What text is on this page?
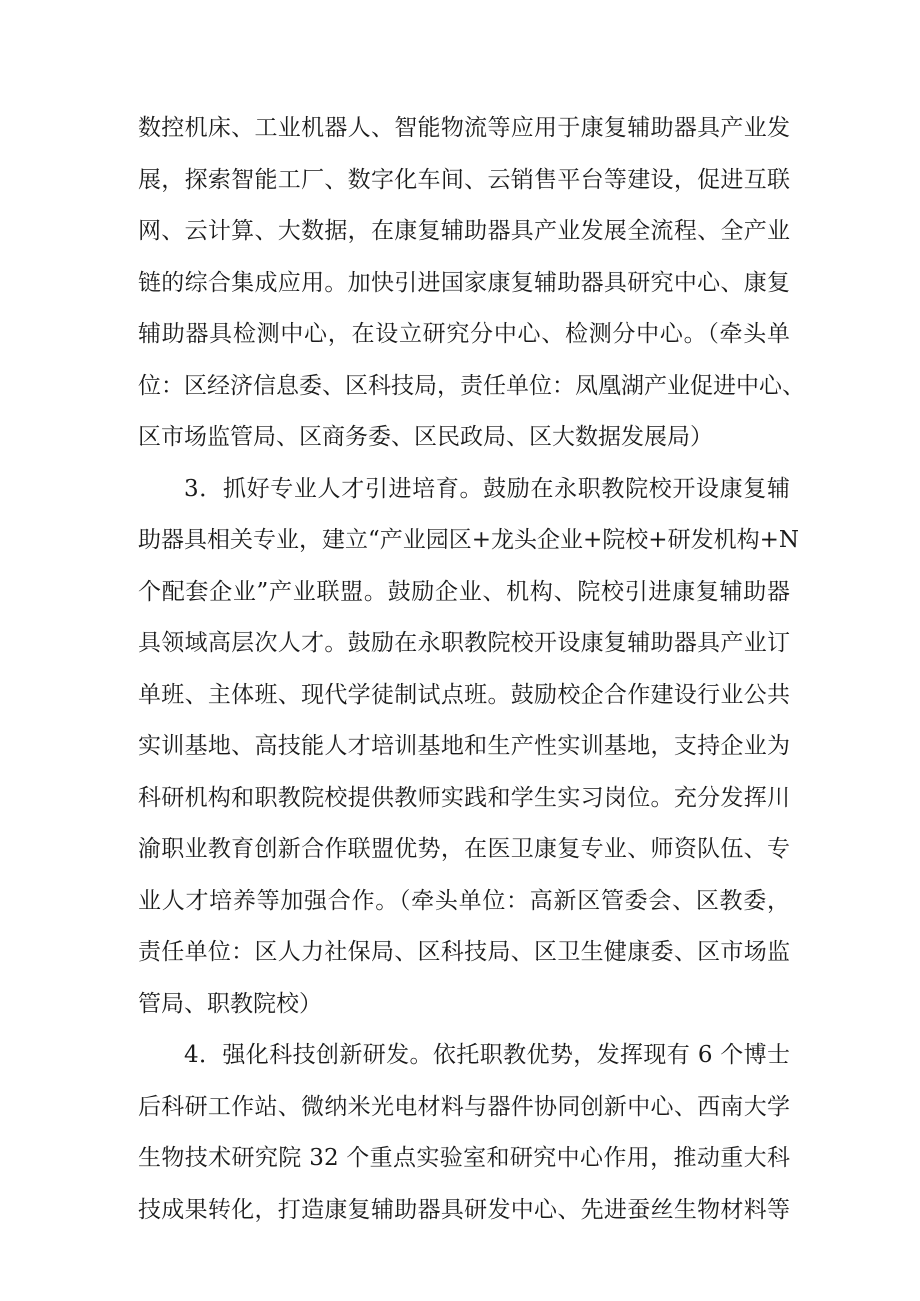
数控机床、工业机器人、智能物流等应用于康复辅助器具产业发
展，探索智能工厂、数字化车间、云销售平台等建设，促进互联
网、云计算、大数据，在康复辅助器具产业发展全流程、全产业
链的综合集成应用。加快引进国家康复辅助器具研究中心、康复
辅助器具检测中心，在设立研究分中心、检测分中心。（牵头单
位：区经济信息委、区科技局，责任单位：凤凰湖产业促进中心、
区市场监管局、区商务委、区民政局、区大数据发展局）
3．抓好专业人才引进培育。鼓励在永职教院校开设康复辅
助器具相关专业，建立“产业园区+龙头企业+院校+研发机构+N
个配套企业”产业联盟。鼓励企业、机构、院校引进康复辅助器
具领域高层次人才。鼓励在永职教院校开设康复辅助器具产业订
单班、主体班、现代学徒制试点班。鼓励校企合作建设行业公共
实训基地、高技能人才培训基地和生产性实训基地，支持企业为
科研机构和职教院校提供教师实践和学生实习岗位。充分发挥川
渝职业教育创新合作联盟优势，在医卫康复专业、师资队伍、专
业人才培养等加强合作。（牵头单位：高新区管委会、区教委，
责任单位：区人力社保局、区科技局、区卫生健康委、区市场监
管局、职教院校）
4．强化科技创新研发。依托职教优势，发挥现有 6 个博士
后科研工作站、微纳米光电材料与器件协同创新中心、西南大学
生物技术研究院 32 个重点实验室和研究中心作用，推动重大科
技成果转化，打造康复辅助器具研发中心、先进蚕丝生物材料等
